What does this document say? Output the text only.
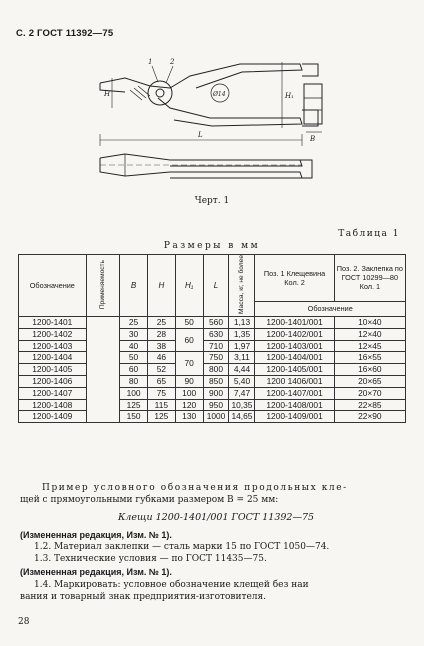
С. 2 ГОСТ 11392—75
1	2
H	Ø14	H₁
L	B
Черт. 1
Таблица 1
Размеры в мм
Обозначение	Применяемость	B	H	H₁	L	Масса, кг, не более	Поз. 1 Клещевина Кол. 2	Поз. 2. Заклепка по ГОСТ 10299—80 Кол. 1
							Обозначение	
1200-1401		25	25	50	560	1,13	1200-1401/001	10×40
1200-1402		30	28	60	630	1,35	1200-1402/001	12×40
1200-1403		40	38		710	1,97	1200-1403/001	12×45
1200-1404		50	46	70	750	3,11	1200-1404/001	16×55
1200-1405		60	52		800	4,44	1200-1405/001	16×60
1200-1406		80	65	90	850	5,40	1200 1406/001	20×65
1200-1407		100	75	100	900	7,47	1200-1407/001	20×70
1200-1408		125	115	120	950	10,35	1200-1408/001	22×85
1200-1409		150	125	130	1000	14,65	1200-1409/001	22×90
Пример условного обозначения продольных кле-
щей с прямоугольными губками размером B = 25 мм:
Клещи 1200-1401/001 ГОСТ 11392—75
(Измененная редакция, Изм. № 1).
1.2. Материал заклепки — сталь марки 15 по ГОСТ 1050—74.
1.3. Технические условия — по ГОСТ 11435—75.
(Измененная редакция, Изм. № 1).
1.4. Маркировать: условное обозначение клещей без наи
вания и товарный знак предприятия-изготовителя.
28
